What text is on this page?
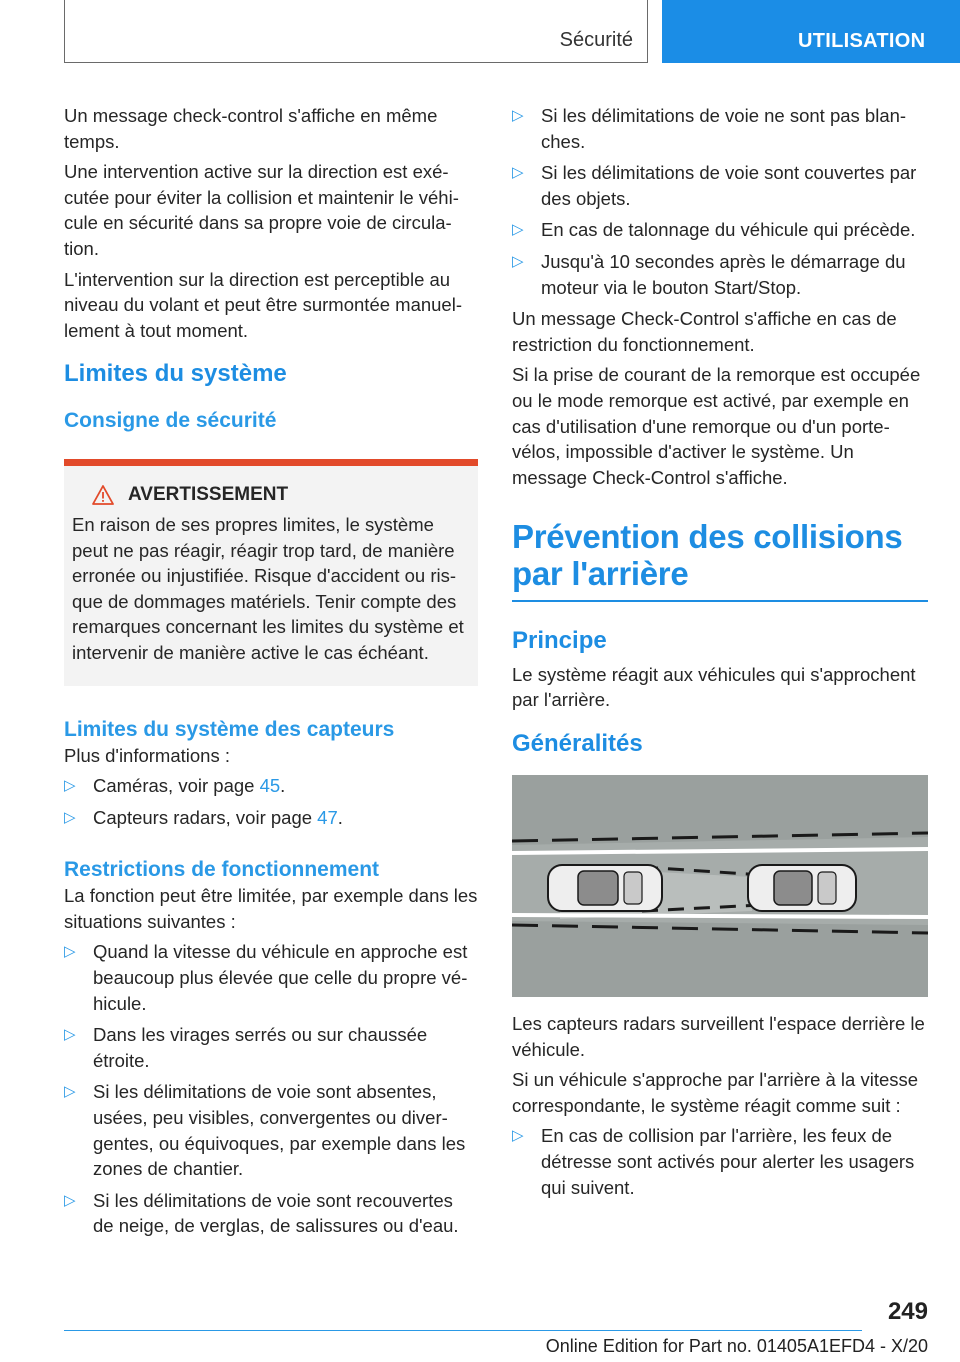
Sécurité	UTILISATION

Un message check-control s'affiche en même temps.

Une intervention active sur la direction est exécutée pour éviter la collision et maintenir le véhicule en sécurité dans sa propre voie de circulation.

L'intervention sur la direction est perceptible au niveau du volant et peut être surmontée manuellement à tout moment.

Limites du système
Consigne de sécurité
AVERTISSEMENT

En raison de ses propres limites, le système peut ne pas réagir, réagir trop tard, de manière erronée ou injustifiée. Risque d'accident ou risque de dommages matériels. Tenir compte des remarques concernant les limites du système et intervenir de manière active le cas échéant.

Limites du système des capteurs

Plus d'informations :

▷ Caméras, voir page 45.
▷ Capteurs radars, voir page 47.
Restrictions de fonctionnement

La fonction peut être limitée, par exemple dans les situations suivantes :

▷ Quand la vitesse du véhicule en approche est beaucoup plus élevée que celle du propre véhicule.
▷ Dans les virages serrés ou sur chaussée étroite.
▷ Si les délimitations de voie sont absentes, usées, peu visibles, convergentes ou divergentes, ou équivoques, par exemple dans les zones de chantier.
▷ Si les délimitations de voie sont recouvertes de neige, de verglas, de salissures ou d'eau.
▷ Si les délimitations de voie ne sont pas blanches.
▷ Si les délimitations de voie sont couvertes par des objets.
▷ En cas de talonnage du véhicule qui précède.
▷ Jusqu'à 10 secondes après le démarrage du moteur via le bouton Start/Stop.

Un message Check-Control s'affiche en cas de restriction du fonctionnement.

Si la prise de courant de la remorque est occupée ou le mode remorque est activé, par exemple en cas d'utilisation d'une remorque ou d'un porte-vélos, impossible d'activer le système. Un message Check-Control s'affiche.

Prévention des collisions
par l'arrière
Principe

Le système réagit aux véhicules qui s'approchent par l'arrière.

Généralités

Les capteurs radars surveillent l'espace derrière le véhicule.

Si un véhicule s'approche par l'arrière à la vitesse correspondante, le système réagit comme suit :

▷ En cas de collision par l'arrière, les feux de détresse sont activés pour alerter les usagers qui suivent.
249
Online Edition for Part no. 01405A1EFD4 - X/20
